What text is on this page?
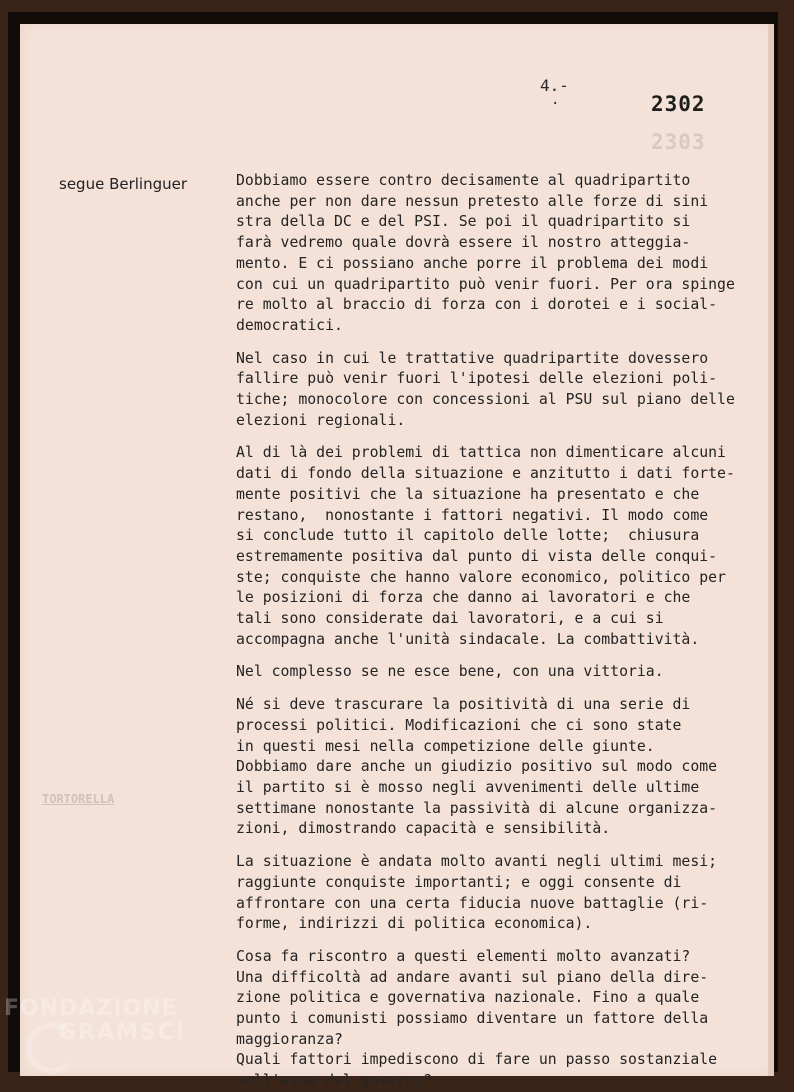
4.-
.	2302
2303
segue Berlinguer
TORTORELLA
Dobbiamo essere contro decisamente al quadripartito
anche per non dare nessun pretesto alle forze di sini
stra della DC e del PSI. Se poi il quadripartito si
farà vedremo quale dovrà essere il nostro atteggia-
mento. E ci possiano anche porre il problema dei modi
con cui un quadripartito può venir fuori. Per ora spinge
re molto al braccio di forza con i dorotei e i social-
democratici.
Nel caso in cui le trattative quadripartite dovessero
fallire può venir fuori l'ipotesi delle elezioni poli-
tiche; monocolore con concessioni al PSU sul piano delle
elezioni regionali.
Al di là dei problemi di tattica non dimenticare alcuni
dati di fondo della situazione e anzitutto i dati forte-
mente positivi che la situazione ha presentato e che
restano,  nonostante i fattori negativi. Il modo come
si conclude tutto il capitolo delle lotte;  chiusura
estremamente positiva dal punto di vista delle conqui-
ste; conquiste che hanno valore economico, politico per
le posizioni di forza che danno ai lavoratori e che
tali sono considerate dai lavoratori, e a cui si
accompagna anche l'unità sindacale. La combattività.
Nel complesso se ne esce bene, con una vittoria.
Né si deve trascurare la positività di una serie di
processi politici. Modificazioni che ci sono state
in questi mesi nella competizione delle giunte.
Dobbiamo dare anche un giudizio positivo sul modo come
il partito si è mosso negli avvenimenti delle ultime
settimane nonostante la passività di alcune organizza-
zioni, dimostrando capacità e sensibilità.
La situazione è andata molto avanti negli ultimi mesi;
raggiunte conquiste importanti; e oggi consente di
affrontare con una certa fiducia nuove battaglie (ri-
forme, indirizzi di politica economica).
Cosa fa riscontro a questi elementi molto avanzati?
Una difficoltà ad andare avanti sul piano della dire-
zione politica e governativa nazionale. Fino a quale
punto i comunisti possiamo diventare un fattore della
maggioranza?
Quali fattori impediscono di fare un passo sostanziale
nell'asse del governo?
FONDAZIONE
GRAMSCI
